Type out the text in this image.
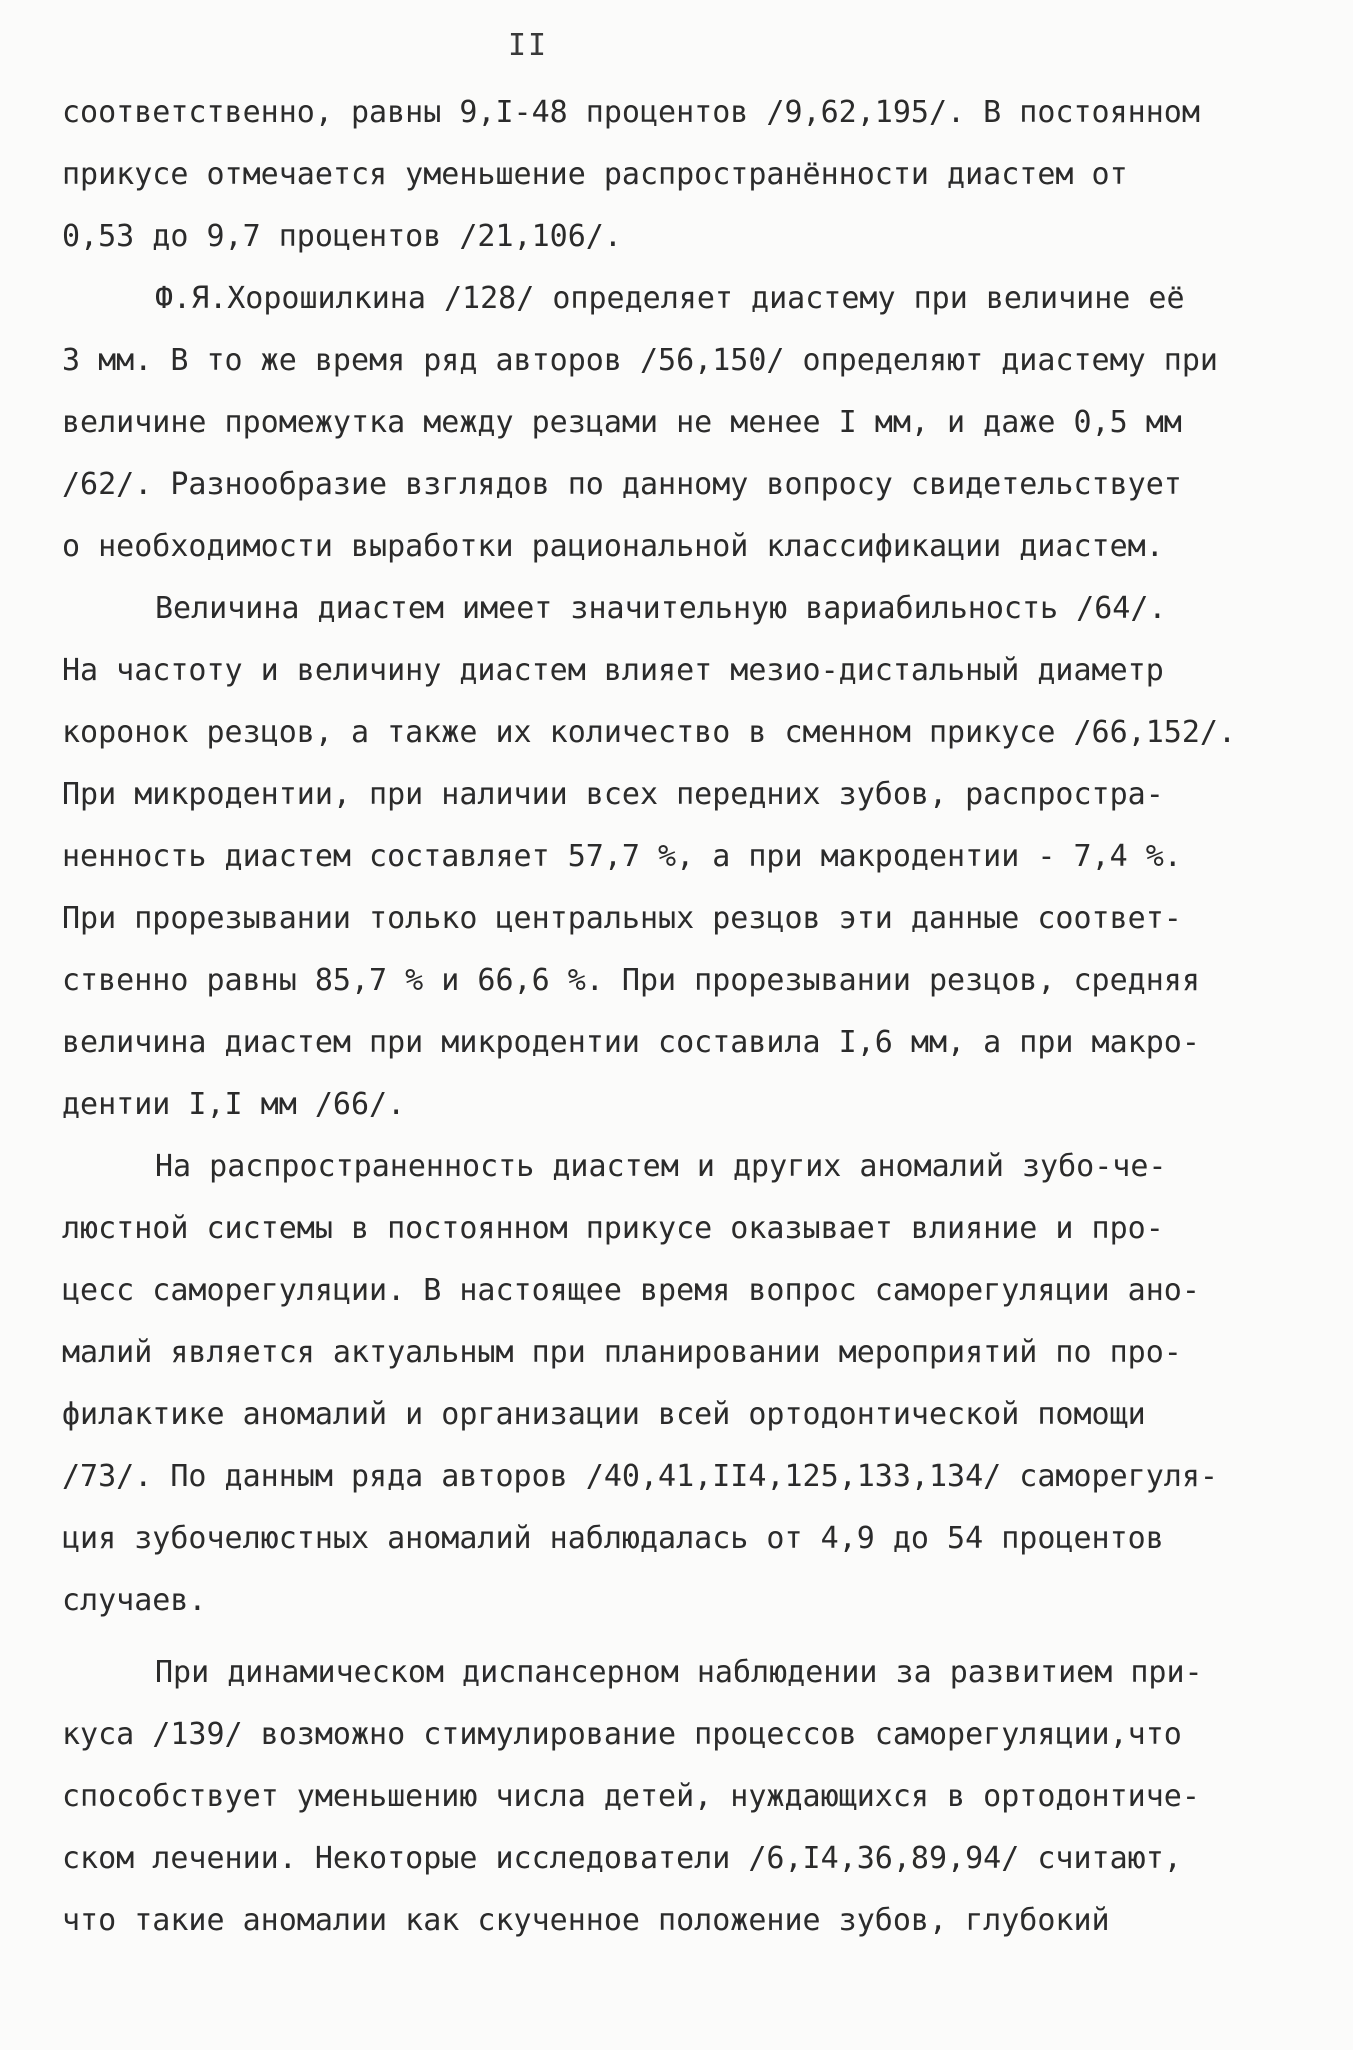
II
соответственно, равны 9,I-48 процентов /9,62,195/. В постоянном
прикусе отмечается уменьшение распространённости диастем от
0,53 до 9,7 процентов /21,106/.
Ф.Я.Хорошилкина /128/ определяет диастему при величине её
3 мм. В то же время ряд авторов /56,150/ определяют диастему при
величине промежутка между резцами не менее I мм, и даже 0,5 мм
/62/. Разнообразие взглядов по данному вопросу свидетельствует
о необходимости выработки рациональной классификации диастем.
Величина диастем имеет значительную вариабильность /64/.
На частоту и величину диастем влияет мезио-дистальный диаметр
коронок резцов, а также их количество в сменном прикусе /66,152/.
При микродентии, при наличии всех передних зубов, распростра-
ненность диастем составляет 57,7 %, а при макродентии - 7,4 %.
При прорезывании только центральных резцов эти данные соответ-
ственно равны 85,7 % и 66,6 %. При прорезывании резцов, средняя
величина диастем при микродентии составила I,6 мм, а при макро-
дентии I,I мм /66/.
На распространенность диастем и других аномалий зубо-че-
люстной системы в постоянном прикусе оказывает влияние и про-
цесс саморегуляции. В настоящее время вопрос саморегуляции ано-
малий является актуальным при планировании мероприятий по про-
филактике аномалий и организации всей ортодонтической помощи
/73/. По данным ряда авторов /40,41,II4,125,133,134/ саморегуля-
ция зубочелюстных аномалий наблюдалась от 4,9 до 54 процентов
случаев.
При динамическом диспансерном наблюдении за развитием при-
куса /139/ возможно стимулирование процессов саморегуляции,что
способствует уменьшению числа детей, нуждающихся в ортодонтиче-
ском лечении. Некоторые исследователи /6,I4,36,89,94/ считают,
что такие аномалии как скученное положение зубов, глубокий
